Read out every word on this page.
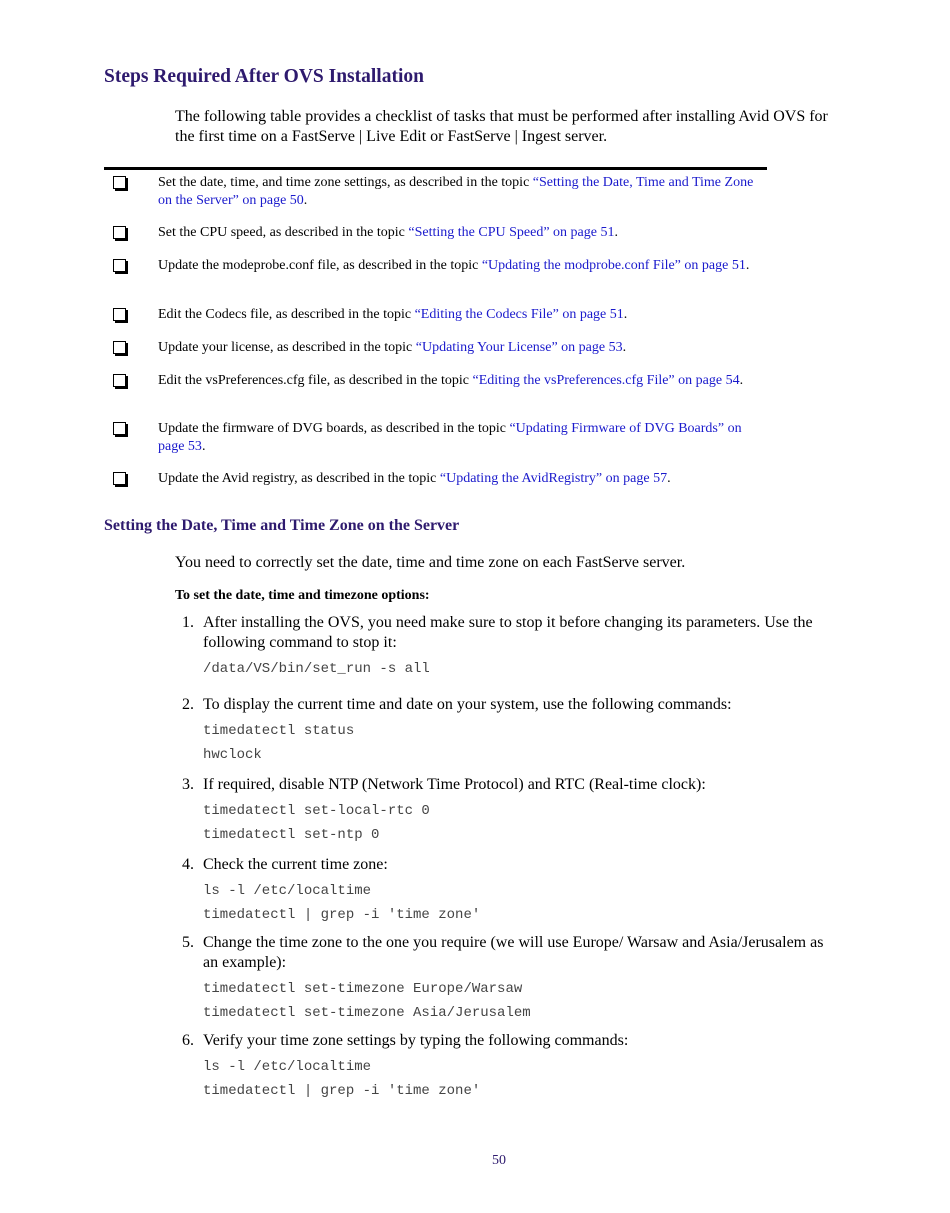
Steps Required After OVS Installation
The following table provides a checklist of tasks that must be performed after installing Avid OVS for the first time on a FastServe | Live Edit or FastServe | Ingest server.
Set the date, time, and time zone settings, as described in the topic “Setting the Date, Time and Time Zone on the Server” on page 50.
Set the CPU speed, as described in the topic “Setting the CPU Speed” on page 51.
Update the modeprobe.conf file, as described in the topic “Updating the modprobe.conf File” on page 51.
Edit the Codecs file, as described in the topic “Editing the Codecs File” on page 51.
Update your license, as described in the topic “Updating Your License” on page 53.
Edit the vsPreferences.cfg file, as described in the topic “Editing the vsPreferences.cfg File” on page 54.
Update the firmware of DVG boards, as described in the topic “Updating Firmware of DVG Boards” on page 53.
Update the Avid registry, as described in the topic “Updating the AvidRegistry” on page 57.
Setting the Date, Time and Time Zone on the Server
You need to correctly set the date, time and time zone on each FastServe server.
To set the date, time and timezone options:
1. After installing the OVS, you need make sure to stop it before changing its parameters. Use the following command to stop it:
/data/VS/bin/set_run -s all
2. To display the current time and date on your system, use the following commands:
timedatectl status
hwclock
3. If required, disable NTP (Network Time Protocol) and RTC (Real-time clock):
timedatectl set-local-rtc 0
timedatectl set-ntp 0
4. Check the current time zone:
ls -l /etc/localtime
timedatectl | grep -i 'time zone'
5. Change the time zone to the one you require (we will use Europe/ Warsaw and Asia/Jerusalem as an example):
timedatectl set-timezone Europe/Warsaw
timedatectl set-timezone Asia/Jerusalem
6. Verify your time zone settings by typing the following commands:
ls -l /etc/localtime
timedatectl | grep -i 'time zone'
50
